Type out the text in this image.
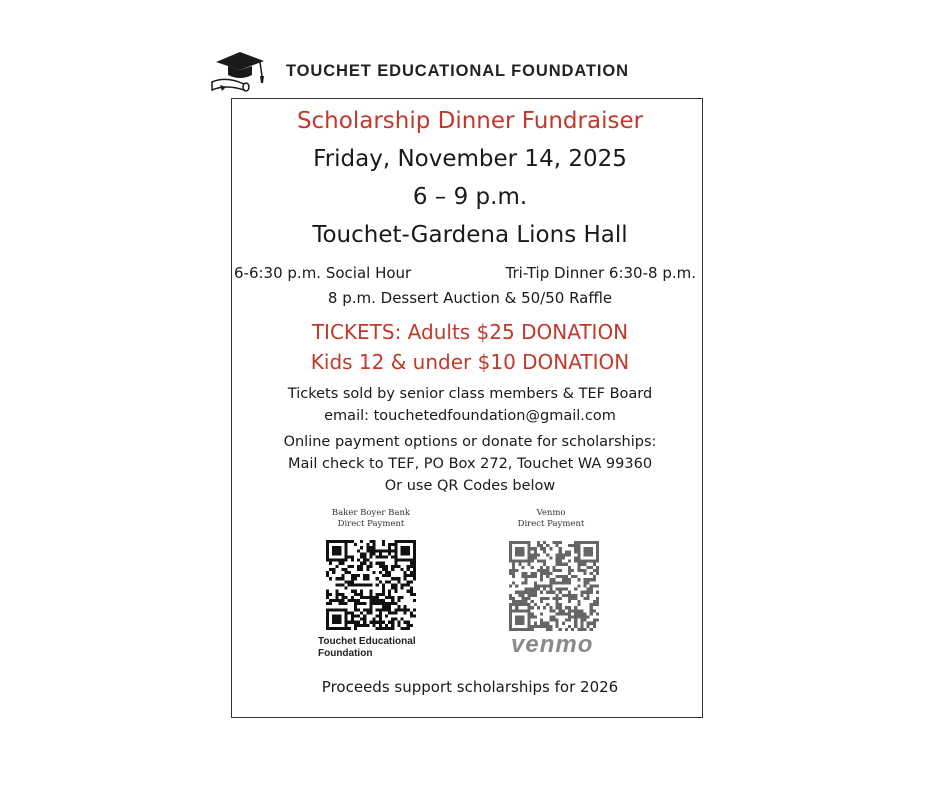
TOUCHET EDUCATIONAL FOUNDATION
Scholarship Dinner Fundraiser
Friday, November 14, 2025
6 – 9 p.m.
Touchet-Gardena Lions Hall
6-6:30 p.m. Social Hour	Tri-Tip Dinner 6:30-8 p.m.
8 p.m. Dessert Auction & 50/50 Raffle
TICKETS: Adults $25 DONATION
Kids 12 & under $10 DONATION
Tickets sold by senior class members & TEF Board
email: touchetedfoundation@gmail.com
Online payment options or donate for scholarships:
Mail check to TEF, PO Box 272, Touchet WA 99360
Or use QR Codes below
Baker Boyer Bank
Direct Payment
Venmo
Direct Payment
Touchet Educational
Foundation	venmo
Proceeds support scholarships for 2026
